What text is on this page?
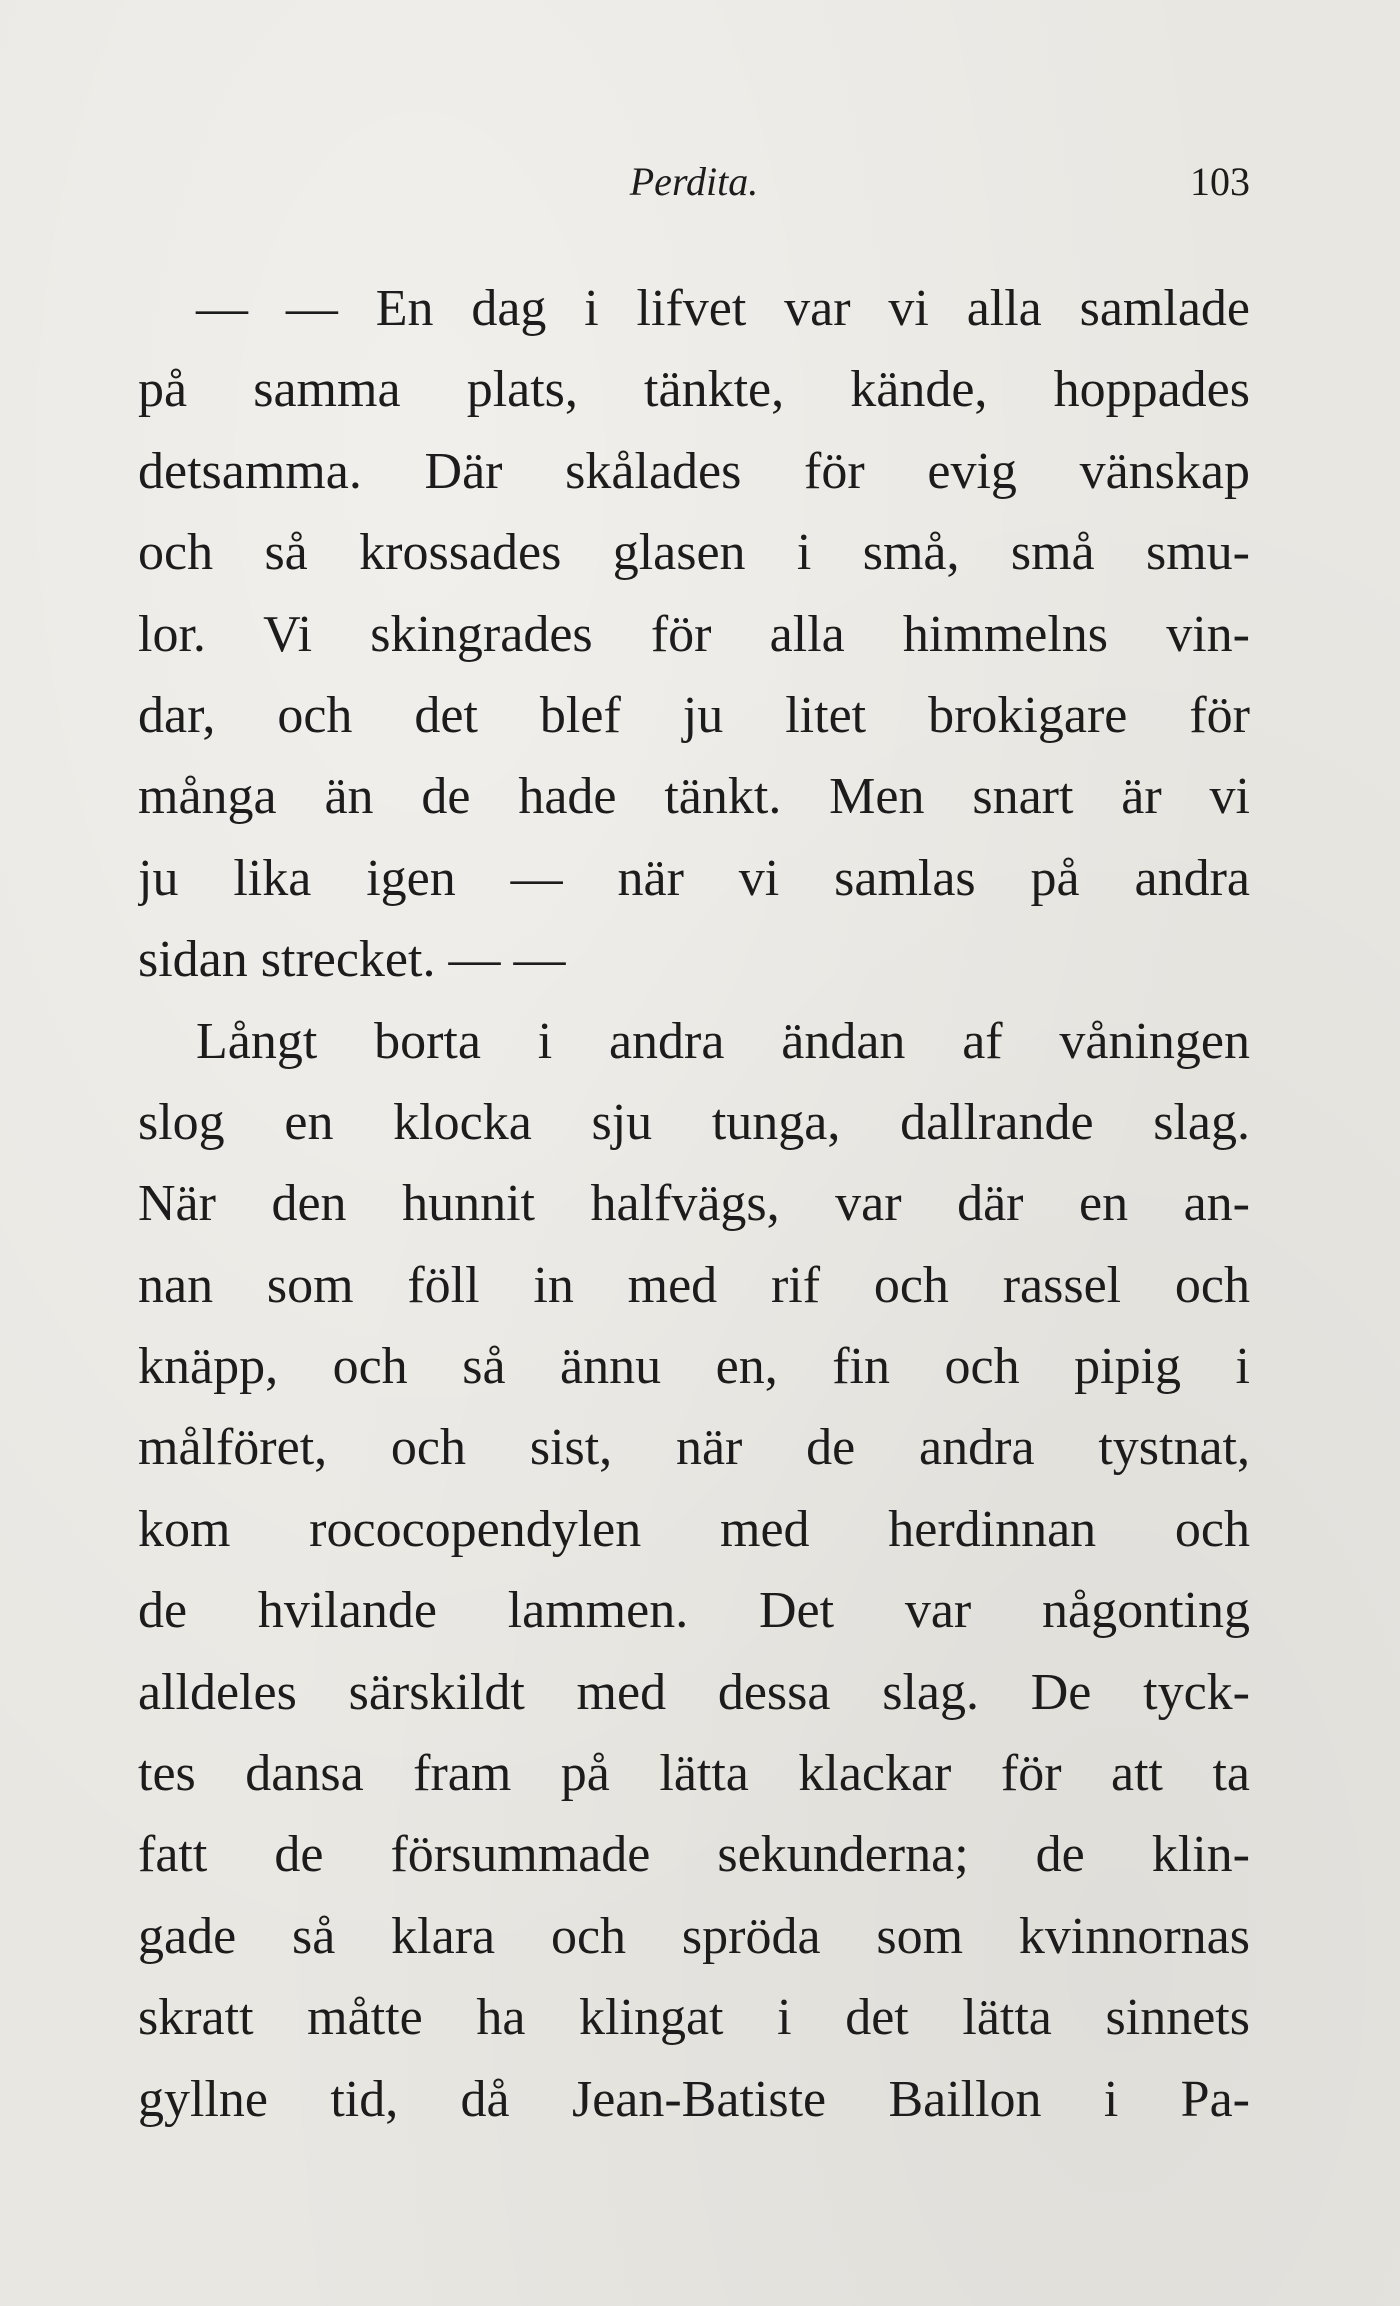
Perdita.	103
— — En dag i lifvet var vi alla samlade
på samma plats, tänkte, kände, hoppades
detsamma. Där skålades för evig vänskap
och så krossades glasen i små, små smu-
lor. Vi skingrades för alla himmelns vin-
dar, och det blef ju litet brokigare för
många än de hade tänkt. Men snart är vi
ju lika igen — när vi samlas på andra
sidan strecket. — —
Långt borta i andra ändan af våningen
slog en klocka sju tunga, dallrande slag.
När den hunnit halfvägs, var där en an-
nan som föll in med rif och rassel och
knäpp, och så ännu en, fin och pipig i
målföret, och sist, när de andra tystnat,
kom rococopendylen med herdinnan och
de hvilande lammen. Det var någonting
alldeles särskildt med dessa slag. De tyck-
tes dansa fram på lätta klackar för att ta
fatt de försummade sekunderna; de klin-
gade så klara och spröda som kvinnornas
skratt måtte ha klingat i det lätta sinnets
gyllne tid, då Jean-Batiste Baillon i Pa-
